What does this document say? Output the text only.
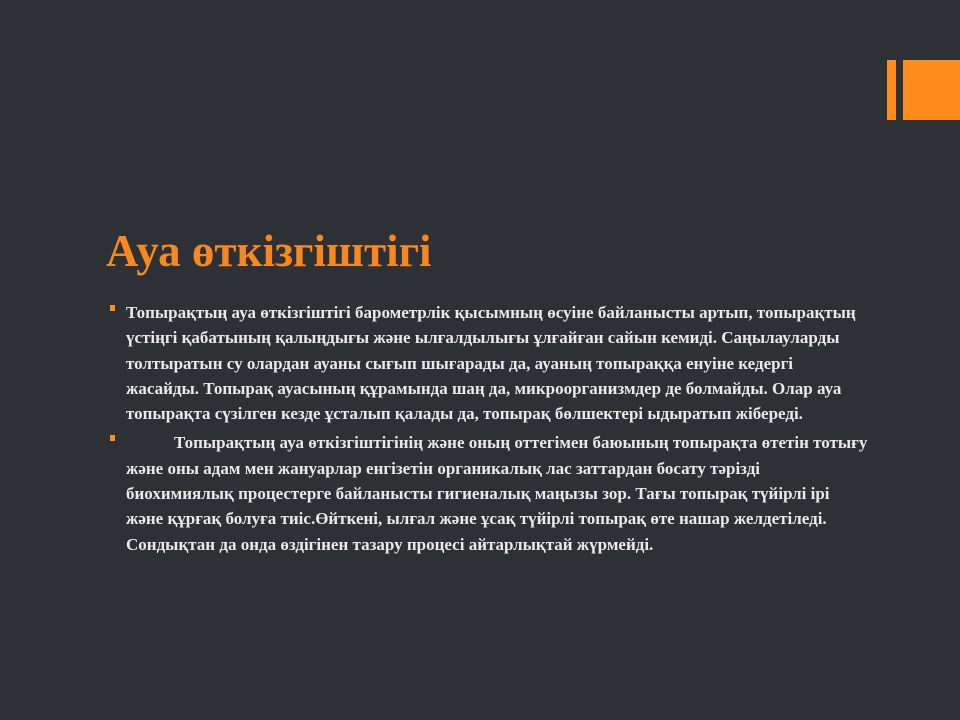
Ауа өткізгіштігі
Топырақтың ауа өткізгіштігі барометрлік қысымның өсуіне байланысты артып, топырақтың үстіңгі қабатының қалыңдығы және ылғалдылығы ұлғайған сайын кемиді. Саңылауларды толтыратын су олардан ауаны сығып шығарады да, ауаның топыраққа енуіне кедергі жасайды. Топырақ ауасының құрамында шаң да, микроорганизмдер де болмайды. Олар ауа топырақта сүзілген кезде ұсталып қалады да, топырақ бөлшектері ыдыратып жібереді.
Топырақтың ауа өткізгіштігінің және оның оттегімен баюының топырақта өтетін тотығу және оны адам мен жануарлар енгізетін органикалық лас заттардан босату тәрізді биохимиялық процестерге байланысты гигиеналық маңызы зор. Тағы топырақ түйірлі ірі және құрғақ болуға тиіс.Өйткені, ылғал және ұсақ түйірлі топырақ өте нашар желдетіледі. Сондықтан да онда өздігінен тазару процесі айтарлықтай жүрмейді.
